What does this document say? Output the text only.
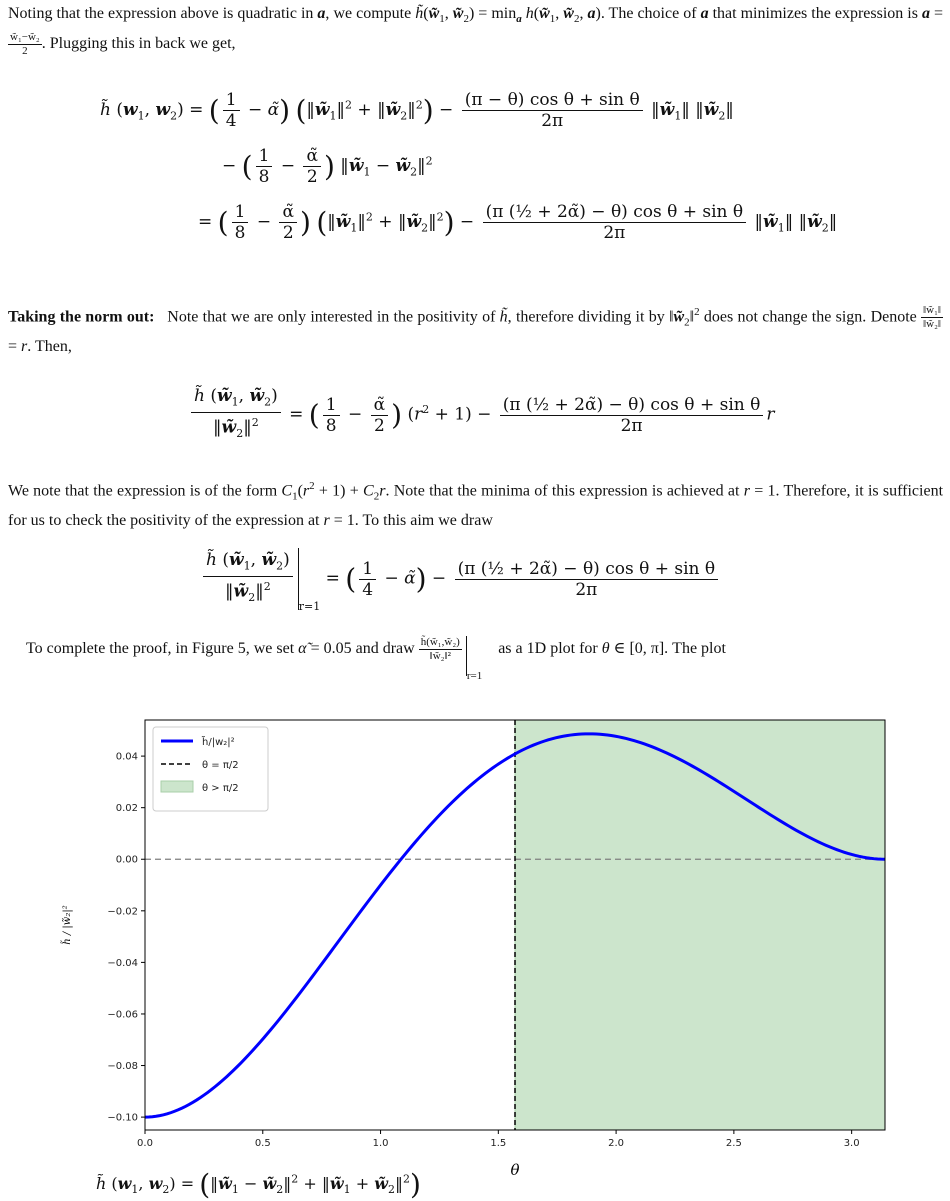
Noting that the expression above is quadratic in a, we compute $h̃(w̃_1$, $w̃_2) = \min_a$ $h(w̃_1$, $w̃_2$, a). The choice of a that minimizes the expression is a =
$\frac{\text{w̃₁−w̃₂}}{2}$ . Plugging this in back we get,
h̃ ($w_1$, $w_2$) = ( $\frac{1}{4}$ − α̃) ($‖w̃_1‖^2$ + $‖w̃_2‖^2) - \frac{\text{(π − θ) cos θ + sin θ}}{2\pi}$ $‖w̃_1‖$ $‖w̃_2‖$
− ( $\frac{1}{8} - \frac{\alphã}{2}$ ) $‖w̃_1$ − $w̃_2‖^2$
= ( $\frac{1}{8} - \frac{\alphã}{2}$ ) ($‖w̃_1‖^2$ + $‖w̃_2‖^2) - \frac{\text{(π (½ + 2α̃) − θ) cos θ + sin θ}}{2\pi}$ $‖w̃_1‖$ $‖w̃_2‖$
Taking the norm out: Note that we are only interested in the positivity of h̃, therefore dividing it by $‖w̃_2‖^2$ does not change the sign. Denote $\frac{\text{‖w̃₁‖}}{\text{‖w̃₂‖}}$
= r. Then,
$\frac{h̃ (w̃_1, w̃_2)}{‖w̃_2‖^2}$ = ( $\frac{1}{8} - \frac{\alphã}{2}$ ) $(r^2 + 1) - \frac{\text{(π (½ + 2α̃) − θ) cos θ + sin θ}}{2\pi}$ r
We note that the expression is of the form $C_1(r^2 + 1) + C_2r$. Note that the minima of this expression is achieved at r = 1. Therefore, it is sufficient for us to check the positivity of the expression at r = 1. To this aim we draw
$\frac{h̃ (w̃_1, w̃_2)}{‖w̃_2‖^2} _{r=1}$ = ( $\frac{1}{4}$ − α̃) − $\frac{\text{(π (½ + 2α̃) − θ) cos θ + sin θ}}{2\pi}$
To complete the proof, in Figure 5, we set α̃ = 0.05 and draw $\frac{\text{h̃(w̃₁,w̃₂)}}{\text{‖w̃₂‖²}}$
$_{r=1}$    as a 1D plot for θ ∈ [0, π]. The plot
0.0	0.5	1.0	1.5	2.0	2.5	3.0
0.04
0.02
0.00
−0.02
−0.04
−0.06
−0.08
−0.10
θ
h̃ / |w̃₂|²
h̃/|w₂|²
θ = π/2
θ > π/2
h̃ ($w_1$, $w_2$) = ($‖w̃_1$ − $w̃_2‖^2$ + $‖w̃_1$ + $w̃_2‖^2$)
